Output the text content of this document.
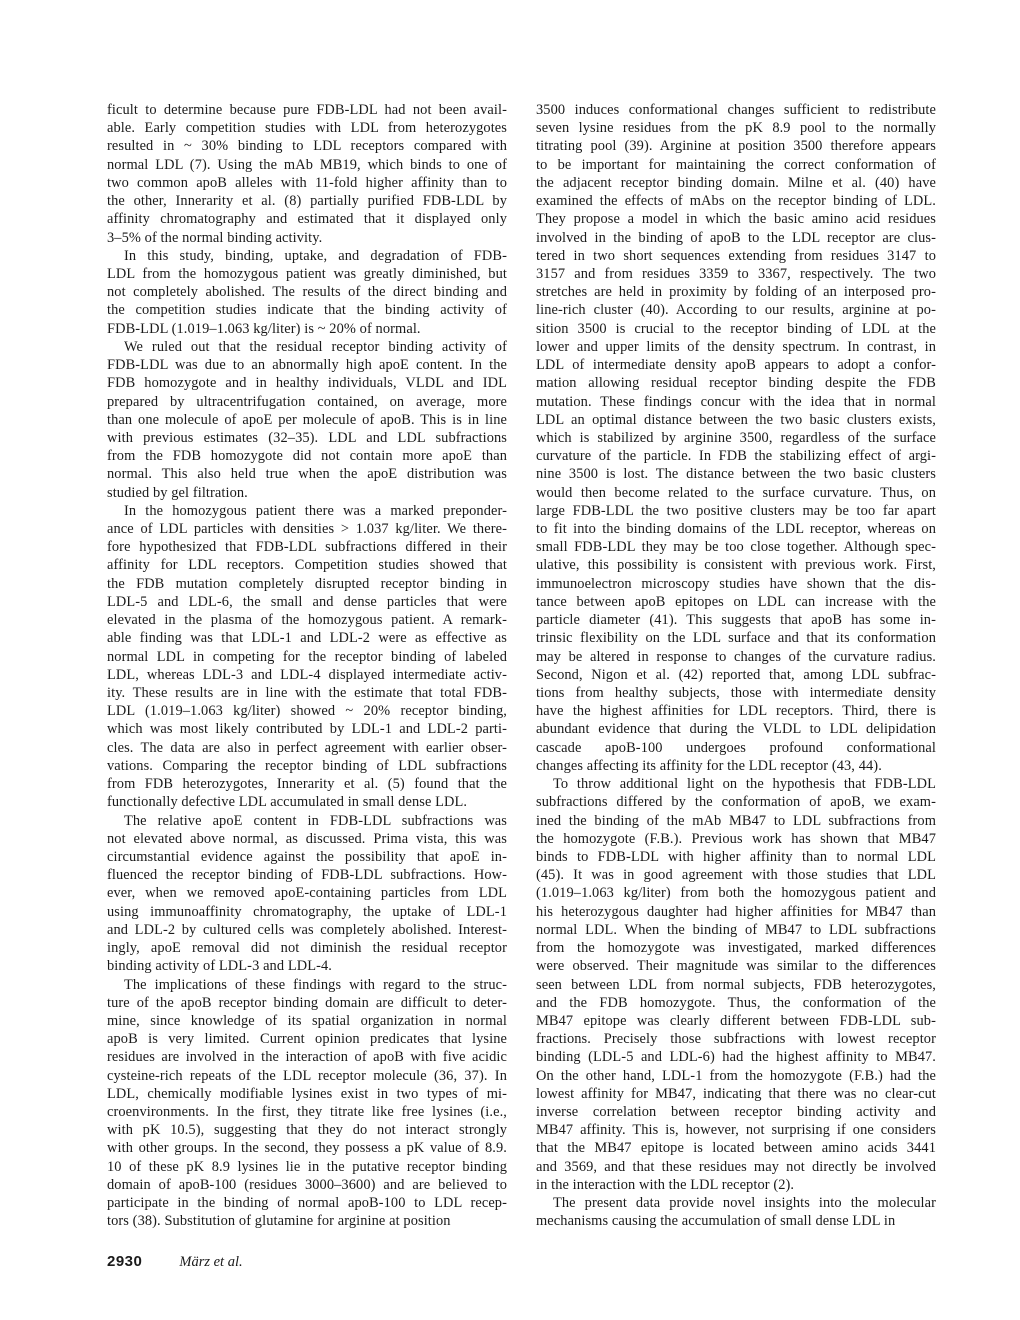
ficult to determine because pure FDB-LDL had not been avail-
able. Early competition studies with LDL from heterozygotes
resulted in ~ 30% binding to LDL receptors compared with
normal LDL (7). Using the mAb MB19, which binds to one of
two common apoB alleles with 11-fold higher affinity than to
the other, Innerarity et al. (8) partially purified FDB-LDL by
affinity chromatography and estimated that it displayed only
3–5% of the normal binding activity.
In this study, binding, uptake, and degradation of FDB-
LDL from the homozygous patient was greatly diminished, but
not completely abolished. The results of the direct binding and
the competition studies indicate that the binding activity of
FDB-LDL (1.019–1.063 kg/liter) is ~ 20% of normal.
We ruled out that the residual receptor binding activity of
FDB-LDL was due to an abnormally high apoE content. In the
FDB homozygote and in healthy individuals, VLDL and IDL
prepared by ultracentrifugation contained, on average, more
than one molecule of apoE per molecule of apoB. This is in line
with previous estimates (32–35). LDL and LDL subfractions
from the FDB homozygote did not contain more apoE than
normal. This also held true when the apoE distribution was
studied by gel filtration.
In the homozygous patient there was a marked preponder-
ance of LDL particles with densities > 1.037 kg/liter. We there-
fore hypothesized that FDB-LDL subfractions differed in their
affinity for LDL receptors. Competition studies showed that
the FDB mutation completely disrupted receptor binding in
LDL-5 and LDL-6, the small and dense particles that were
elevated in the plasma of the homozygous patient. A remark-
able finding was that LDL-1 and LDL-2 were as effective as
normal LDL in competing for the receptor binding of labeled
LDL, whereas LDL-3 and LDL-4 displayed intermediate activ-
ity. These results are in line with the estimate that total FDB-
LDL (1.019–1.063 kg/liter) showed ~ 20% receptor binding,
which was most likely contributed by LDL-1 and LDL-2 parti-
cles. The data are also in perfect agreement with earlier obser-
vations. Comparing the receptor binding of LDL subfractions
from FDB heterozygotes, Innerarity et al. (5) found that the
functionally defective LDL accumulated in small dense LDL.
The relative apoE content in FDB-LDL subfractions was
not elevated above normal, as discussed. Prima vista, this was
circumstantial evidence against the possibility that apoE in-
fluenced the receptor binding of FDB-LDL subfractions. How-
ever, when we removed apoE-containing particles from LDL
using immunoaffinity chromatography, the uptake of LDL-1
and LDL-2 by cultured cells was completely abolished. Interest-
ingly, apoE removal did not diminish the residual receptor
binding activity of LDL-3 and LDL-4.
The implications of these findings with regard to the struc-
ture of the apoB receptor binding domain are difficult to deter-
mine, since knowledge of its spatial organization in normal
apoB is very limited. Current opinion predicates that lysine
residues are involved in the interaction of apoB with five acidic
cysteine-rich repeats of the LDL receptor molecule (36, 37). In
LDL, chemically modifiable lysines exist in two types of mi-
croenvironments. In the first, they titrate like free lysines (i.e.,
with pK 10.5), suggesting that they do not interact strongly
with other groups. In the second, they possess a pK value of 8.9.
10 of these pK 8.9 lysines lie in the putative receptor binding
domain of apoB-100 (residues 3000–3600) and are believed to
participate in the binding of normal apoB-100 to LDL recep-
tors (38). Substitution of glutamine for arginine at position
3500 induces conformational changes sufficient to redistribute
seven lysine residues from the pK 8.9 pool to the normally
titrating pool (39). Arginine at position 3500 therefore appears
to be important for maintaining the correct conformation of
the adjacent receptor binding domain. Milne et al. (40) have
examined the effects of mAbs on the receptor binding of LDL.
They propose a model in which the basic amino acid residues
involved in the binding of apoB to the LDL receptor are clus-
tered in two short sequences extending from residues 3147 to
3157 and from residues 3359 to 3367, respectively. The two
stretches are held in proximity by folding of an interposed pro-
line-rich cluster (40). According to our results, arginine at po-
sition 3500 is crucial to the receptor binding of LDL at the
lower and upper limits of the density spectrum. In contrast, in
LDL of intermediate density apoB appears to adopt a confor-
mation allowing residual receptor binding despite the FDB
mutation. These findings concur with the idea that in normal
LDL an optimal distance between the two basic clusters exists,
which is stabilized by arginine 3500, regardless of the surface
curvature of the particle. In FDB the stabilizing effect of argi-
nine 3500 is lost. The distance between the two basic clusters
would then become related to the surface curvature. Thus, on
large FDB-LDL the two positive clusters may be too far apart
to fit into the binding domains of the LDL receptor, whereas on
small FDB-LDL they may be too close together. Although spec-
ulative, this possibility is consistent with previous work. First,
immunoelectron microscopy studies have shown that the dis-
tance between apoB epitopes on LDL can increase with the
particle diameter (41). This suggests that apoB has some in-
trinsic flexibility on the LDL surface and that its conformation
may be altered in response to changes of the curvature radius.
Second, Nigon et al. (42) reported that, among LDL subfrac-
tions from healthy subjects, those with intermediate density
have the highest affinities for LDL receptors. Third, there is
abundant evidence that during the VLDL to LDL delipidation
cascade apoB-100 undergoes profound conformational
changes affecting its affinity for the LDL receptor (43, 44).
To throw additional light on the hypothesis that FDB-LDL
subfractions differed by the conformation of apoB, we exam-
ined the binding of the mAb MB47 to LDL subfractions from
the homozygote (F.B.). Previous work has shown that MB47
binds to FDB-LDL with higher affinity than to normal LDL
(45). It was in good agreement with those studies that LDL
(1.019–1.063 kg/liter) from both the homozygous patient and
his heterozygous daughter had higher affinities for MB47 than
normal LDL. When the binding of MB47 to LDL subfractions
from the homozygote was investigated, marked differences
were observed. Their magnitude was similar to the differences
seen between LDL from normal subjects, FDB heterozygotes,
and the FDB homozygote. Thus, the conformation of the
MB47 epitope was clearly different between FDB-LDL sub-
fractions. Precisely those subfractions with lowest receptor
binding (LDL-5 and LDL-6) had the highest affinity to MB47.
On the other hand, LDL-1 from the homozygote (F.B.) had the
lowest affinity for MB47, indicating that there was no clear-cut
inverse correlation between receptor binding activity and
MB47 affinity. This is, however, not surprising if one considers
that the MB47 epitope is located between amino acids 3441
and 3569, and that these residues may not directly be involved
in the interaction with the LDL receptor (2).
The present data provide novel insights into the molecular
mechanisms causing the accumulation of small dense LDL in
2930	März et al.
